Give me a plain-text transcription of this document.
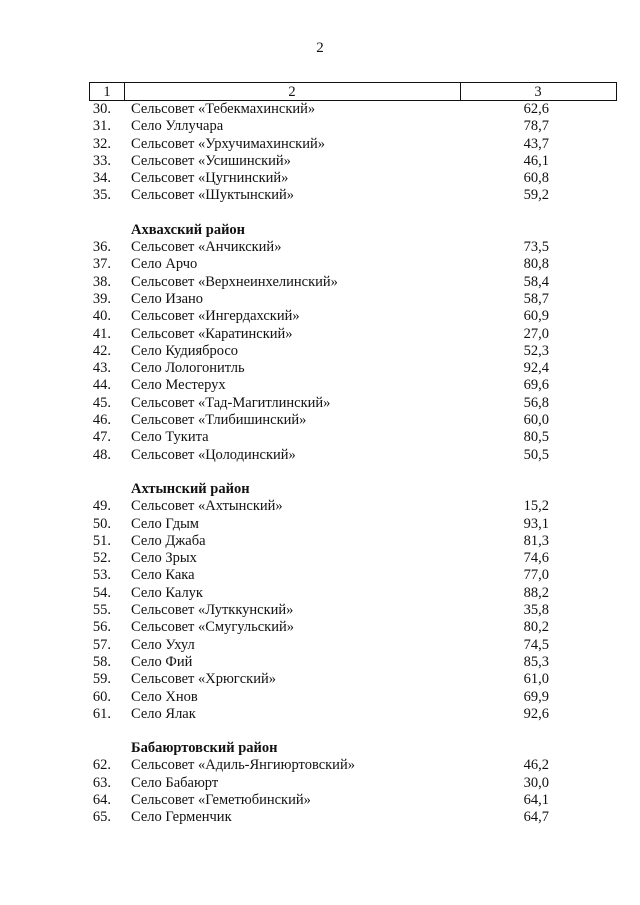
2
1	2	3
30. Сельсовет «Тебекмахинский»	62,6
31. Село Уллучара	78,7
32. Сельсовет «Урхучимахинский»	43,7
33. Сельсовет «Усишинский»	46,1
34. Сельсовет «Цугнинский»	60,8
35. Сельсовет «Шуктынский»	59,2
Ахвахский район
36. Сельсовет «Анчикский»	73,5
37. Село Арчо	80,8
38. Сельсовет «Верхнеинхелинский»	58,4
39. Село Изано	58,7
40. Сельсовет «Ингердахский»	60,9
41. Сельсовет «Каратинский»	27,0
42. Село Кудиябросо	52,3
43. Село Лологонитль	92,4
44. Село Местерух	69,6
45. Сельсовет «Тад-Магитлинский»	56,8
46. Сельсовет «Тлибишинский»	60,0
47. Село Тукита	80,5
48. Сельсовет «Цолодинский»	50,5
Ахтынский район
49. Сельсовет «Ахтынский»	15,2
50. Село Гдым	93,1
51. Село Джаба	81,3
52. Село Зрых	74,6
53. Село Кака	77,0
54. Село Калук	88,2
55. Сельсовет «Лутккунский»	35,8
56. Сельсовет «Смугульский»	80,2
57. Село Ухул	74,5
58. Село Фий	85,3
59. Сельсовет «Хрюгский»	61,0
60. Село Хнов	69,9
61. Село Ялак	92,6
Бабаюртовский район
62. Сельсовет «Адиль-Янгиюртовский»	46,2
63. Село Бабаюрт	30,0
64. Сельсовет «Геметюбинский»	64,1
65. Село Герменчик	64,7
